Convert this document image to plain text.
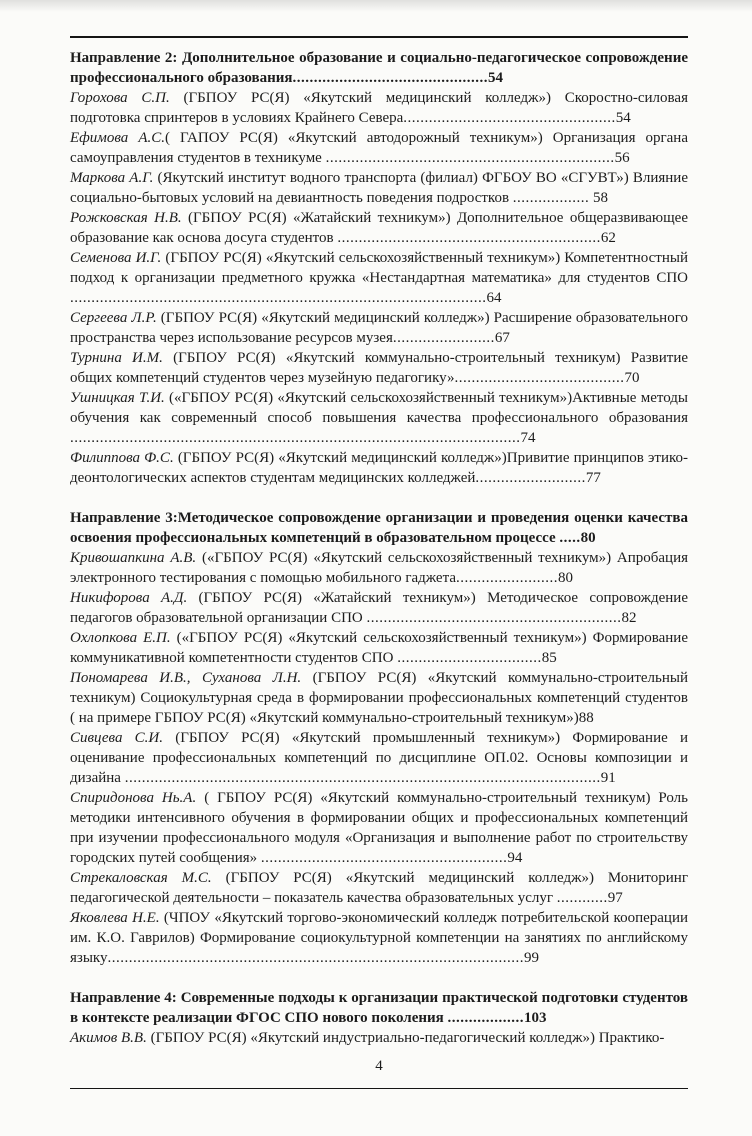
Направление 2: Дополнительное образование и социально-педагогическое сопровождение профессионального образования..............................................54

Горохова С.П. (ГБПОУ РС(Я) «Якутский медицинский колледж») Скоростно-силовая подготовка спринтеров в условиях Крайнего Севера..................................................54

Ефимова А.С.( ГАПОУ РС(Я) «Якутский автодорожный техникум») Организация органа самоуправления студентов в техникуме ....................................................................56

Маркова А.Г. (Якутский институт водного транспорта (филиал) ФГБОУ ВО «СГУВТ») Влияние социально-бытовых условий на девиантность поведения подростков .................. 58

Рожковская Н.В. (ГБПОУ РС(Я) «Жатайский техникум») Дополнительное общеразвивающее образование как основа досуга студентов ..............................................................62

Семенова И.Г. (ГБПОУ РС(Я) «Якутский сельскохозяйственный техникум») Компетентностный подход к организации предметного кружка «Нестандартная математика» для студентов СПО ..................................................................................................64

Сергеева Л.Р. (ГБПОУ РС(Я) «Якутский медицинский колледж») Расширение образовательного пространства через использование ресурсов музея........................67

Турнина И.М. (ГБПОУ РС(Я) «Якутский коммунально-строительный техникум) Развитие общих компетенций студентов через музейную педагогику»........................................70

Ушницкая Т.И. («ГБПОУ РС(Я) «Якутский сельскохозяйственный техникум»)Активные методы обучения как современный способ повышения качества профессионального образования ..........................................................................................................74

Филиппова Ф.С. (ГБПОУ РС(Я) «Якутский медицинский колледж»)Привитие принципов этико-деонтологических аспектов студентам медицинских колледжей..........................77

Направление 3:Методическое сопровождение организации и проведения оценки качества освоения профессиональных компетенций в образовательном процессе .....80

Кривошапкина А.В. («ГБПОУ РС(Я) «Якутский сельскохозяйственный техникум») Апробация электронного тестирования с помощью мобильного гаджета........................80

Никифорова А.Д. (ГБПОУ РС(Я) «Жатайский техникум») Методическое сопровождение педагогов образовательной организации СПО ............................................................82

Охлопкова Е.П. («ГБПОУ РС(Я) «Якутский сельскохозяйственный техникум») Формирование коммуникативной компетентности студентов СПО ..................................85

Пономарева И.В., Суханова Л.Н. (ГБПОУ РС(Я) «Якутский коммунально-строительный техникум) Социокультурная среда в формировании профессиональных компетенций студентов ( на примере ГБПОУ РС(Я) «Якутский коммунально-строительный техникум»)88

Сивцева С.И. (ГБПОУ РС(Я) «Якутский промышленный техникум») Формирование и оценивание профессиональных компетенций по дисциплине ОП.02. Основы композиции и дизайна ................................................................................................................91

Спиридонова Нь.А. ( ГБПОУ РС(Я) «Якутский коммунально-строительный техникум) Роль методики интенсивного обучения в формировании общих и профессиональных компетенций при изучении профессионального модуля «Организация и выполнение работ по строительству городских путей сообщения» ..........................................................94

Стрекаловская М.С. (ГБПОУ РС(Я) «Якутский медицинский колледж») Мониторинг педагогической деятельности – показатель качества образовательных услуг ............97

Яковлева Н.Е. (ЧПОУ «Якутский торгово-экономический колледж потребительской кооперации им. К.О. Гаврилов) Формирование социокультурной компетенции на занятиях по английскому языку..................................................................................................99

Направление 4: Современные подходы к организации практической подготовки студентов в контексте реализации ФГОС СПО нового поколения ..................103

Акимов В.В. (ГБПОУ РС(Я) «Якутский индустриально-педагогический колледж») Практико-

4
